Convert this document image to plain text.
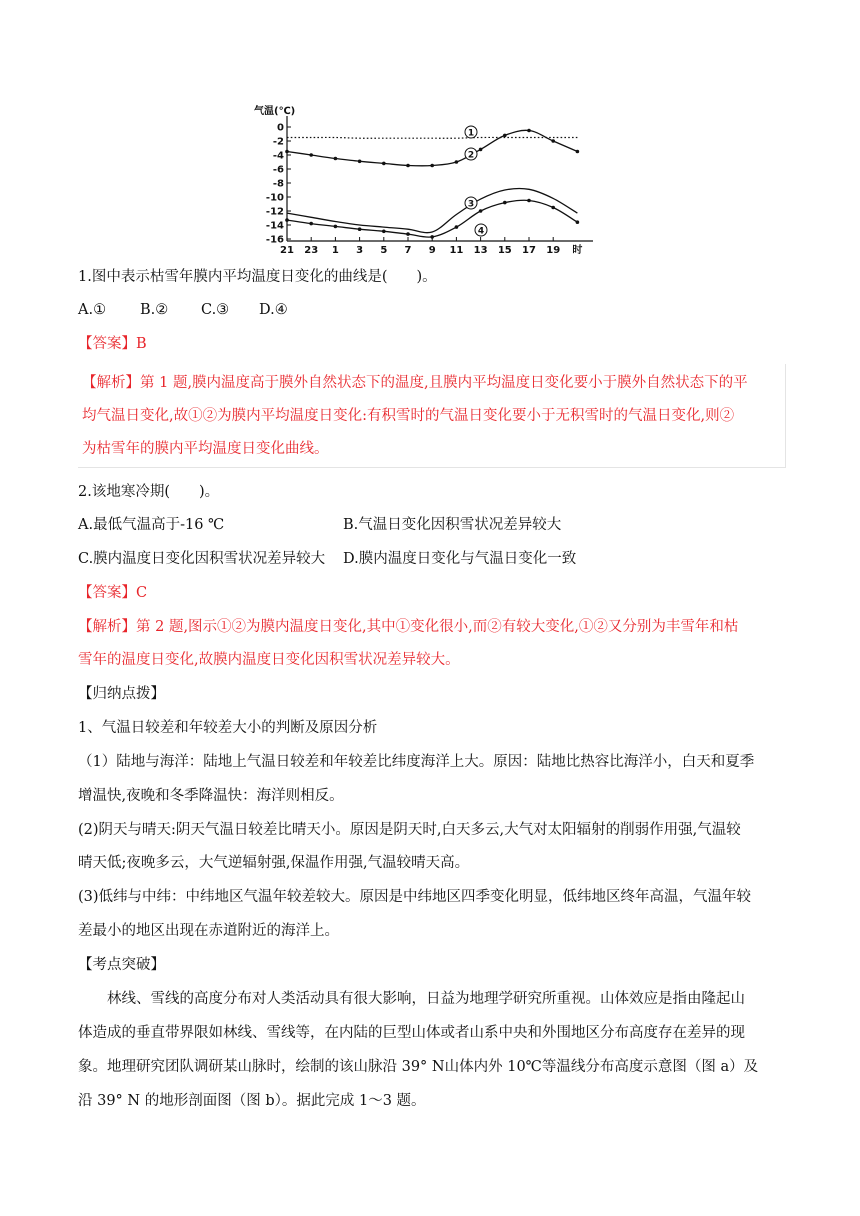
气温(℃)
0
-2
-4
-6
-8
-10
-12
-14
-16
21 23 1 3 5 7 9 11 13 15 17 19 时
1
2
3
4
1.图中表示枯雪年膜内平均温度日变化的曲线是(　　)。
A.① B.② C.③ D.④
【答案】B

【解析】第 1 题,膜内温度高于膜外自然状态下的温度,且膜内平均温度日变化要小于膜外自然状态下的平

均气温日变化,故①②为膜内平均温度日变化:有积雪时的气温日变化要小于无积雪时的气温日变化,则②

为枯雪年的膜内平均温度日变化曲线。

2.该地寒冷期(　　)。
A.最低气温高于-16 ℃	B.气温日变化因积雪状况差异较大
C.膜内温度日变化因积雪状况差异较大 D.膜内温度日变化与气温日变化一致
【答案】C
【解析】第 2 题,图示①②为膜内温度日变化,其中①变化很小,而②有较大变化,①②又分别为丰雪年和枯
雪年的温度日变化,故膜内温度日变化因积雪状况差异较大。
【归纳点拨】
1、气温日较差和年较差大小的判断及原因分析
（1）陆地与海洋：陆地上气温日较差和年较差比纬度海洋上大。原因：陆地比热容比海洋小，白天和夏季
增温快,夜晚和冬季降温快：海洋则相反。
(2)阴天与晴天:阴天气温日较差比晴天小。原因是阴天时,白天多云,大气对太阳辐射的削弱作用强,气温较
晴天低;夜晚多云，大气逆辐射强,保温作用强,气温较晴天高。
(3)低纬与中纬：中纬地区气温年较差较大。原因是中纬地区四季变化明显，低纬地区终年高温，气温年较
差最小的地区出现在赤道附近的海洋上。
【考点突破】
林线、雪线的高度分布对人类活动具有很大影响，日益为地理学研究所重视。山体效应是指由隆起山
体造成的垂直带界限如林线、雪线等，在内陆的巨型山体或者山系中央和外围地区分布高度存在差异的现
象。地理研究团队调研某山脉时，绘制的该山脉沿 39° N山体内外 10℃等温线分布高度示意图（图 a）及
沿 39° N 的地形剖面图（图 b）。据此完成 1～3 题。
